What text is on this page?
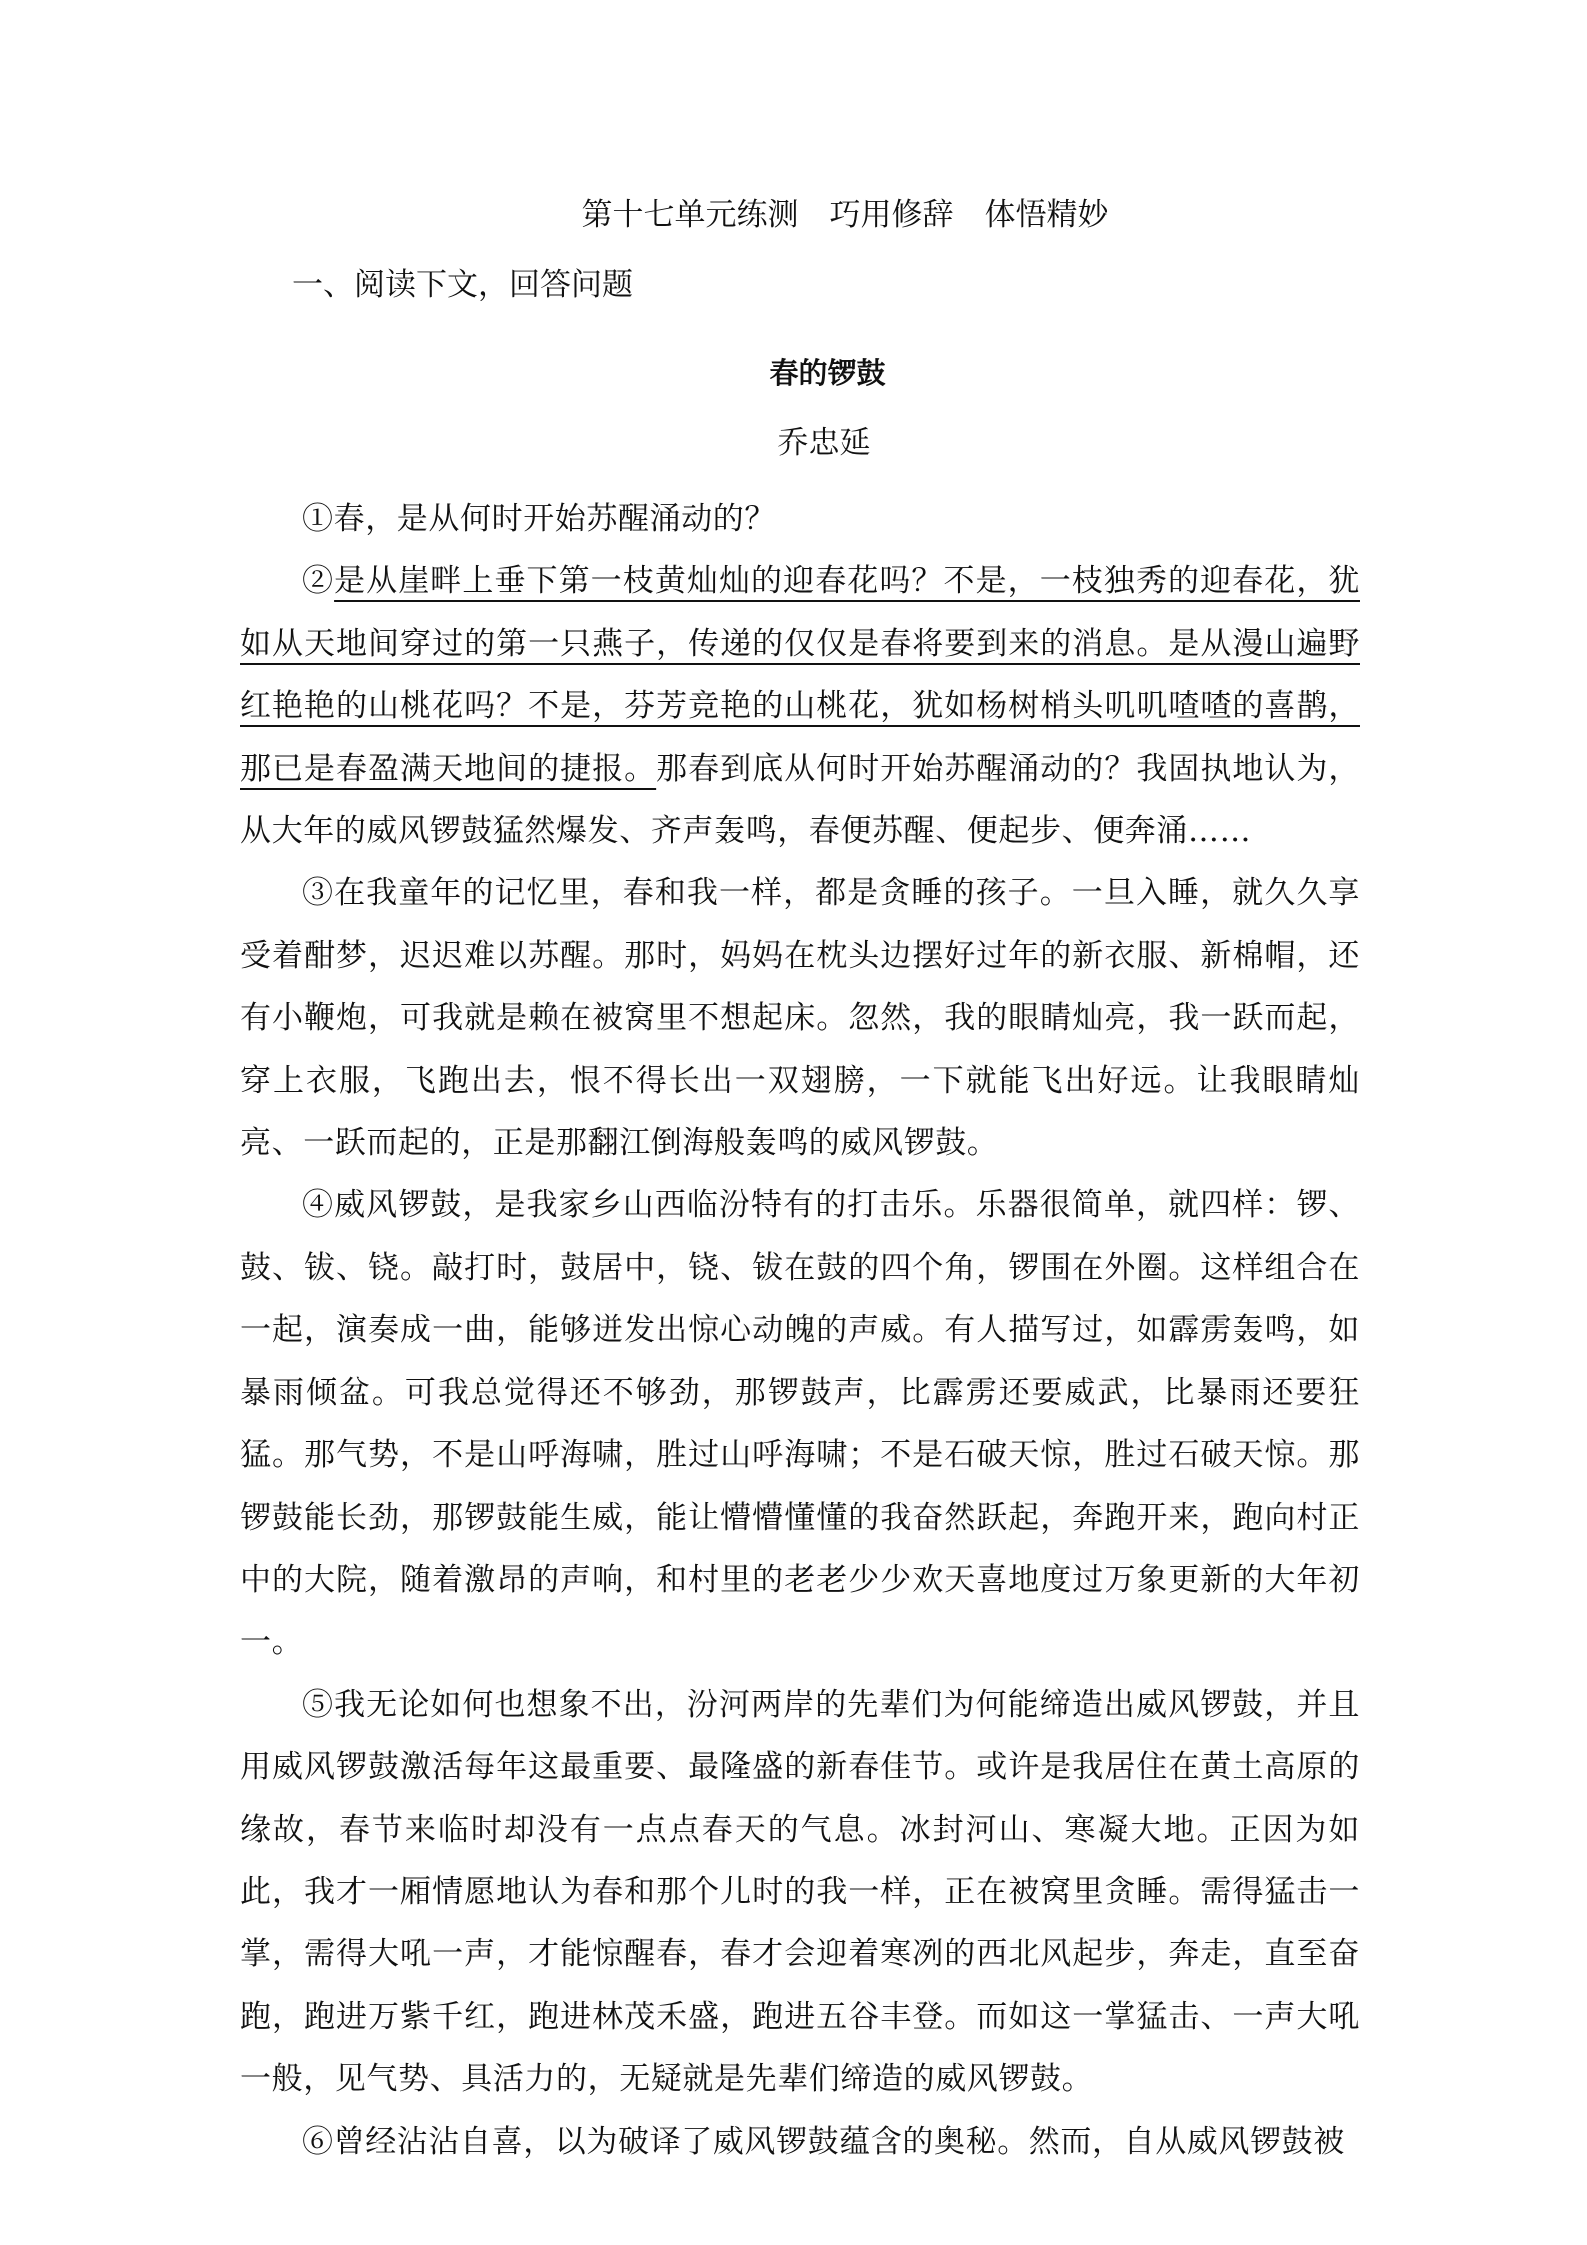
第十七单元练测　巧用修辞　体悟精妙
一、阅读下文，回答问题
春的锣鼓
乔忠延

①春，是从何时开始苏醒涌动的？

②是从崖畔上垂下第一枝黄灿灿的迎春花吗？不是，一枝独秀的迎春花，犹如从天地间穿过的第一只燕子，传递的仅仅是春将要到来的消息。是从漫山遍野红艳艳的山桃花吗？不是，芬芳竞艳的山桃花，犹如杨树梢头叽叽喳喳的喜鹊，那已是春盈满天地间的捷报。那春到底从何时开始苏醒涌动的？我固执地认为，从大年的威风锣鼓猛然爆发、齐声轰鸣，春便苏醒、便起步、便奔涌……

③在我童年的记忆里，春和我一样，都是贪睡的孩子。一旦入睡，就久久享受着酣梦，迟迟难以苏醒。那时，妈妈在枕头边摆好过年的新衣服、新棉帽，还有小鞭炮，可我就是赖在被窝里不想起床。忽然，我的眼睛灿亮，我一跃而起，穿上衣服，飞跑出去，恨不得长出一双翅膀，一下就能飞出好远。让我眼睛灿亮、一跃而起的，正是那翻江倒海般轰鸣的威风锣鼓。

④威风锣鼓，是我家乡山西临汾特有的打击乐。乐器很简单，就四样：锣、鼓、钹、铙。敲打时，鼓居中，铙、钹在鼓的四个角，锣围在外圈。这样组合在一起，演奏成一曲，能够迸发出惊心动魄的声威。有人描写过，如霹雳轰鸣，如暴雨倾盆。可我总觉得还不够劲，那锣鼓声，比霹雳还要威武，比暴雨还要狂猛。那气势，不是山呼海啸，胜过山呼海啸；不是石破天惊，胜过石破天惊。那锣鼓能长劲，那锣鼓能生威，能让懵懵懂懂的我奋然跃起，奔跑开来，跑向村正中的大院，随着激昂的声响，和村里的老老少少欢天喜地度过万象更新的大年初一。

⑤我无论如何也想象不出，汾河两岸的先辈们为何能缔造出威风锣鼓，并且用威风锣鼓激活每年这最重要、最隆盛的新春佳节。或许是我居住在黄土高原的缘故，春节来临时却没有一点点春天的气息。冰封河山、寒凝大地。正因为如此，我才一厢情愿地认为春和那个儿时的我一样，正在被窝里贪睡。需得猛击一掌，需得大吼一声，才能惊醒春，春才会迎着寒冽的西北风起步，奔走，直至奋跑，跑进万紫千红，跑进林茂禾盛，跑进五谷丰登。而如这一掌猛击、一声大吼一般，见气势、具活力的，无疑就是先辈们缔造的威风锣鼓。

⑥曾经沾沾自喜，以为破译了威风锣鼓蕴含的奥秘。然而，自从威风锣鼓被
